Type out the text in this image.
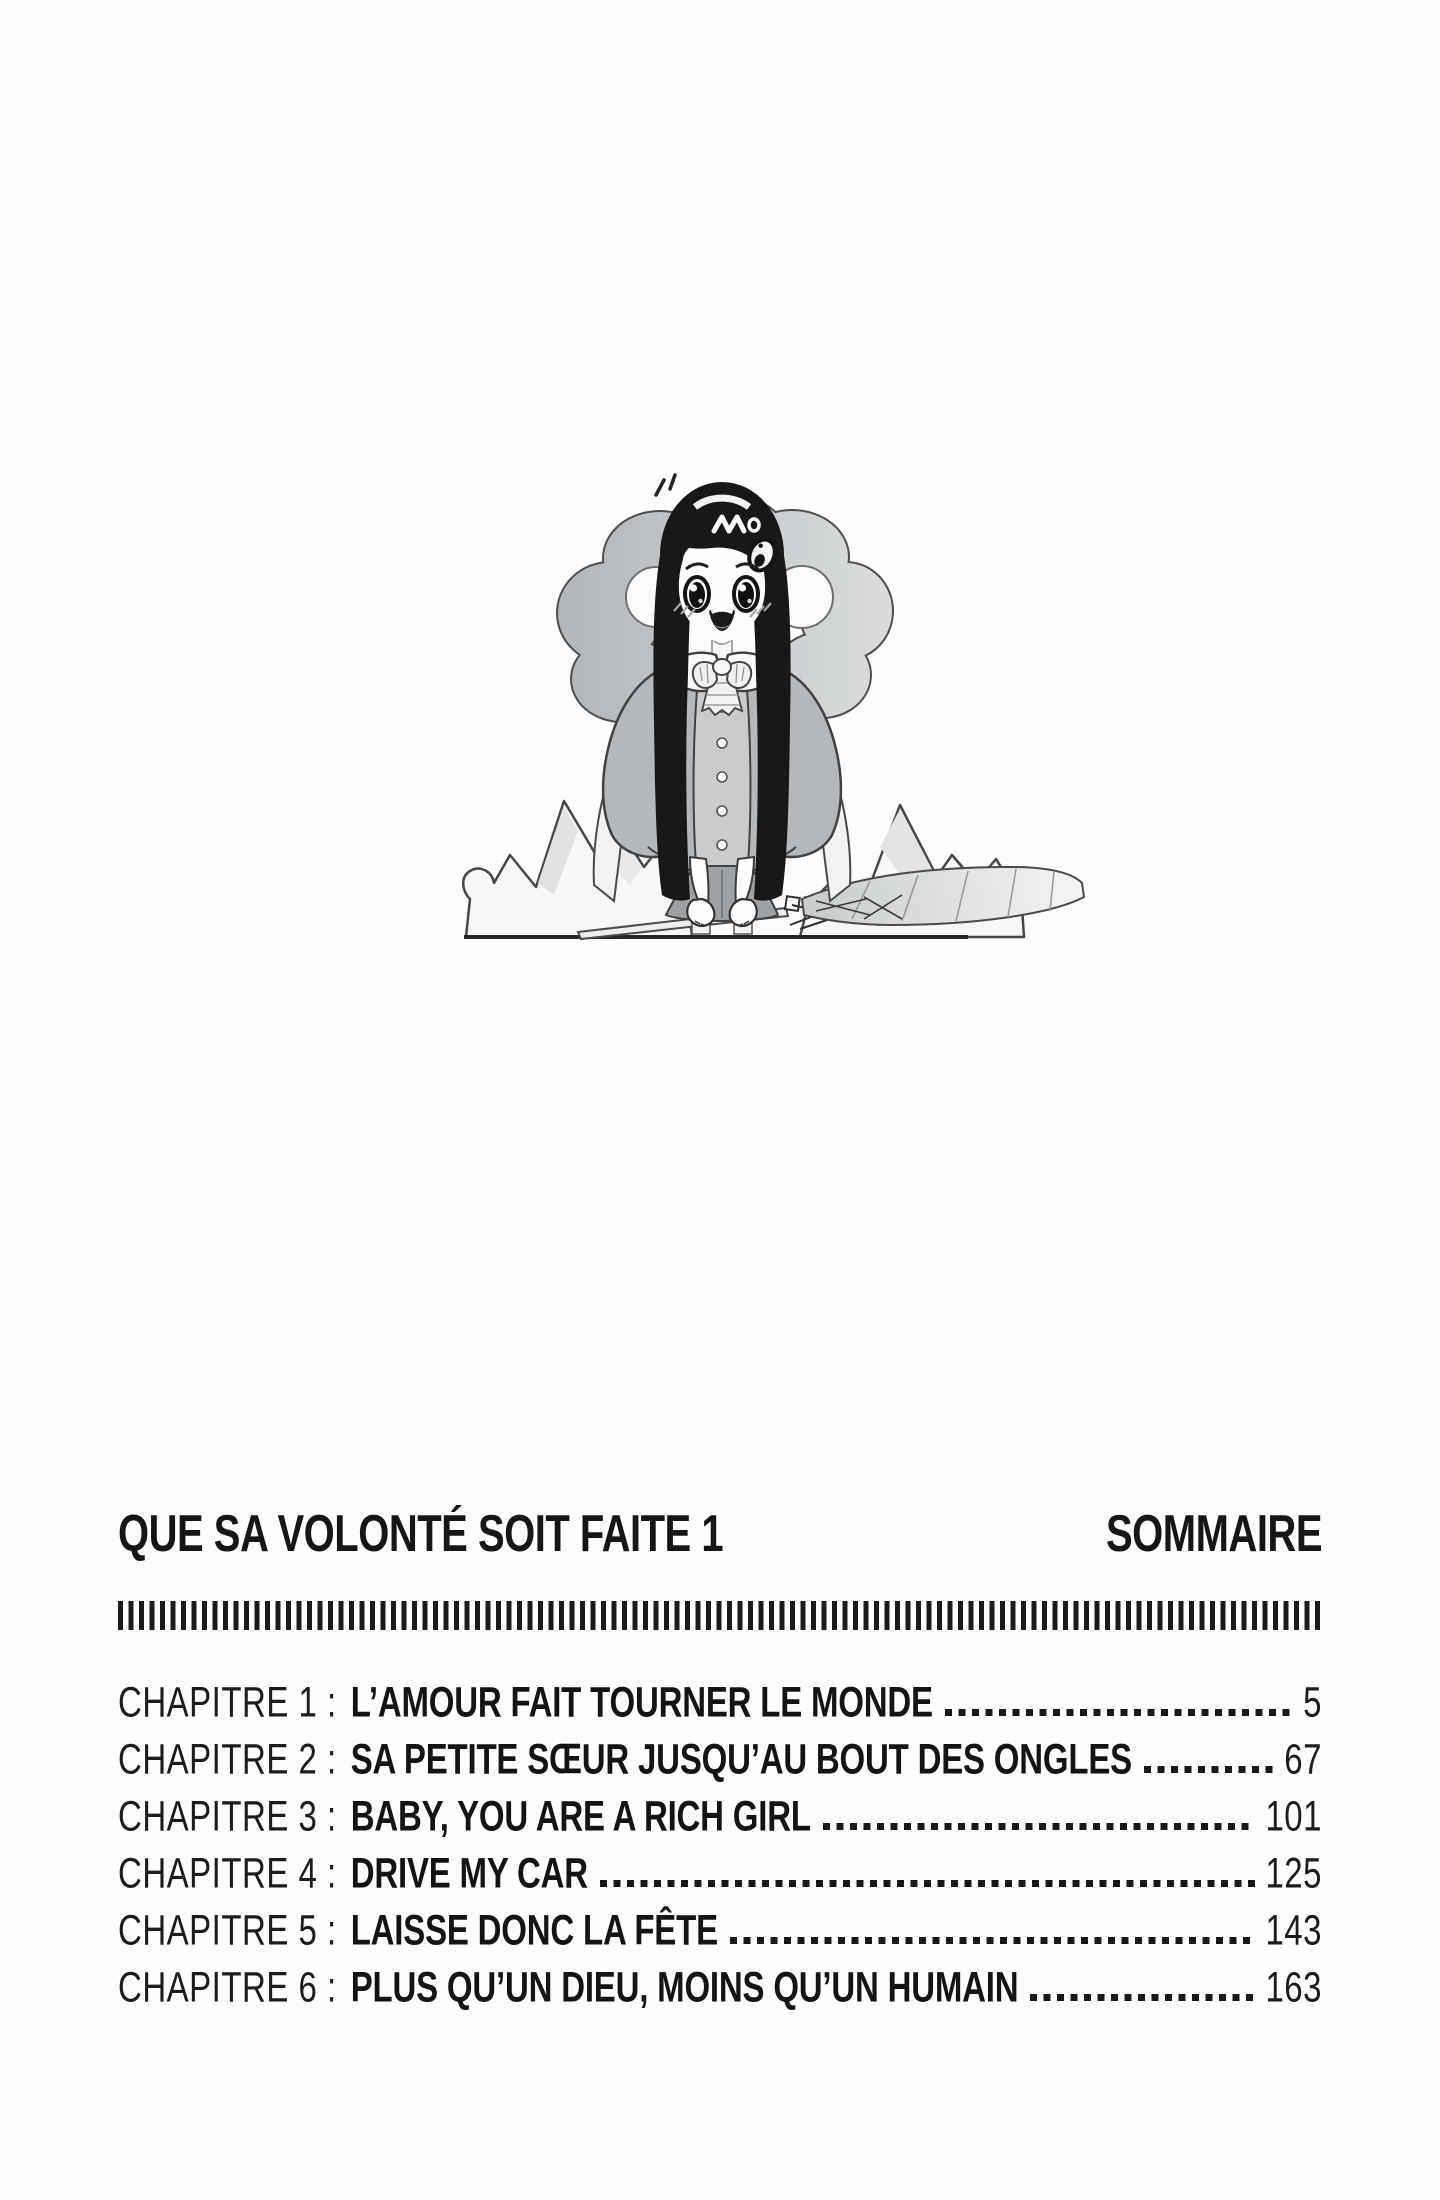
QUE SA VOLONTÉ SOIT FAITE 1	SOMMAIRE
CHAPITRE 1 : L’AMOUR FAIT TOURNER LE MONDE	5
CHAPITRE 2 : SA PETITE SŒUR JUSQU’AU BOUT DES ONGLES	67
CHAPITRE 3 : BABY, YOU ARE A RICH GIRL	101
CHAPITRE 4 : DRIVE MY CAR	125
CHAPITRE 5 : LAISSE DONC LA FÊTE	143
CHAPITRE 6 : PLUS QU’UN DIEU, MOINS QU’UN HUMAIN	163
